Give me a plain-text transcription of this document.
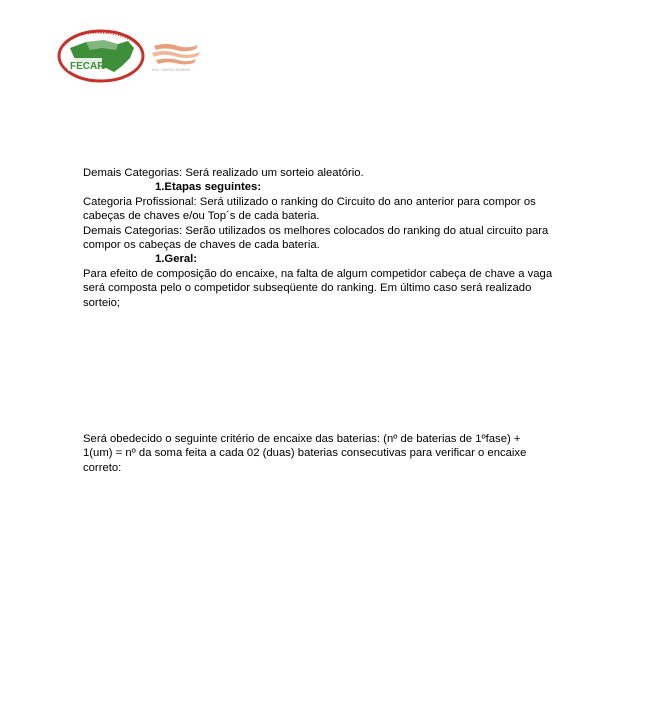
FECAR	SUL · SANTA CATARINA
Demais Categorias: Será realizado um sorteio aleatório.
1.Etapas seguintes:
Categoria Profissional: Será utilizado o ranking do Circuito do ano anterior para compor os
cabeças de chaves e/ou Top´s de cada bateria.
Demais Categorias: Serão utilizados os melhores colocados do ranking do atual circuito para
compor os cabeças de chaves de cada bateria.
1.Geral:
Para efeito de composição do encaixe, na falta de algum competidor cabeça de chave a vaga
será composta pelo o competidor subseqüente do ranking. Em último caso será realizado
sorteio;
Será obedecido o seguinte critério de encaixe das baterias: (nº de baterias de 1ºfase) +
1(um) = nº da soma feita a cada 02 (duas) baterias consecutivas para verificar o encaixe
correto:
